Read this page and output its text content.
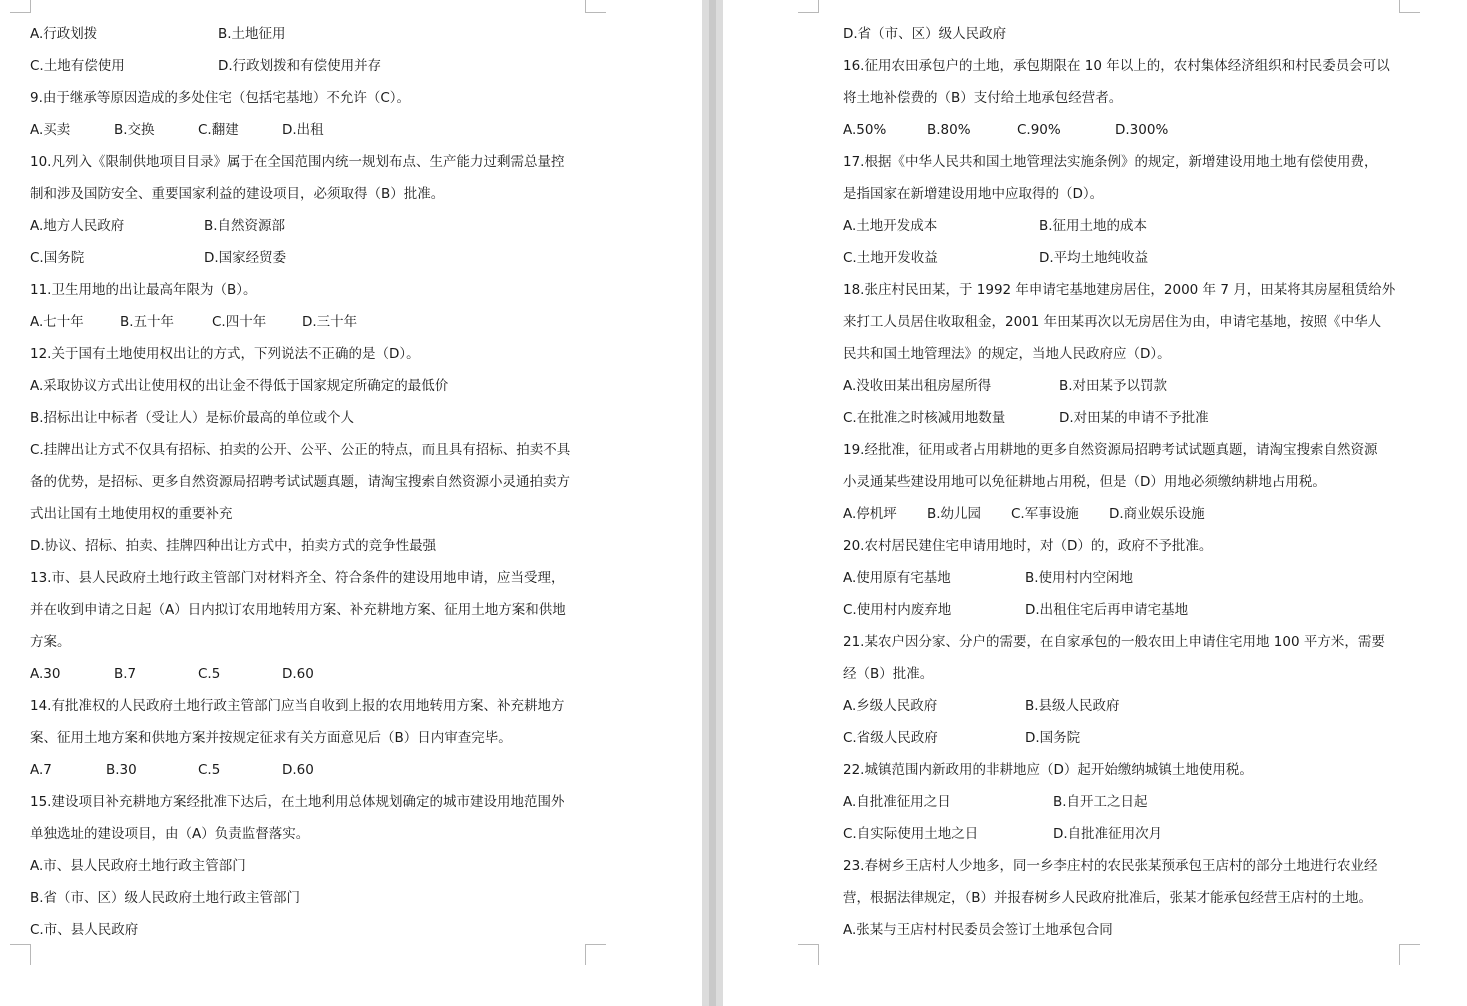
A.行政划拨	B.土地征用
C.土地有偿使用	D.行政划拨和有偿使用并存
9.由于继承等原因造成的多处住宅（包括宅基地）不允许（C）。
A.买卖	B.交换	C.翻建	D.出租
10.凡列入《限制供地项目目录》属于在全国范围内统一规划布点、生产能力过剩需总量控
制和涉及国防安全、重要国家利益的建设项目，必须取得（B）批准。
A.地方人民政府	B.自然资源部
C.国务院	D.国家经贸委
11.卫生用地的出让最高年限为（B）。
A.七十年	B.五十年	C.四十年	D.三十年
12.关于国有土地使用权出让的方式，下列说法不正确的是（D）。
A.采取协议方式出让使用权的出让金不得低于国家规定所确定的最低价
B.招标出让中标者（受让人）是标价最高的单位或个人
C.挂牌出让方式不仅具有招标、拍卖的公开、公平、公正的特点，而且具有招标、拍卖不具
备的优势，是招标、更多自然资源局招聘考试试题真题，请淘宝搜索自然资源小灵通拍卖方
式出让国有土地使用权的重要补充
D.协议、招标、拍卖、挂牌四种出让方式中，拍卖方式的竞争性最强
13.市、县人民政府土地行政主管部门对材料齐全、符合条件的建设用地申请，应当受理，
并在收到申请之日起（A）日内拟订农用地转用方案、补充耕地方案、征用土地方案和供地
方案。
A.30	B.7	C.5	D.60
14.有批准权的人民政府土地行政主管部门应当自收到上报的农用地转用方案、补充耕地方
案、征用土地方案和供地方案并按规定征求有关方面意见后（B）日内审查完毕。
A.7	B.30	C.5	D.60
15.建设项目补充耕地方案经批准下达后，在土地利用总体规划确定的城市建设用地范围外
单独选址的建设项目，由（A）负责监督落实。
A.市、县人民政府土地行政主管部门
B.省（市、区）级人民政府土地行政主管部门
C.市、县人民政府
D.省（市、区）级人民政府
16.征用农田承包户的土地，承包期限在 10 年以上的，农村集体经济组织和村民委员会可以
将土地补偿费的（B）支付给土地承包经营者。
A.50%	B.80%	C.90%	D.300%
17.根据《中华人民共和国土地管理法实施条例》的规定，新增建设用地土地有偿使用费，
是指国家在新增建设用地中应取得的（D）。
A.土地开发成本	B.征用土地的成本
C.土地开发收益	D.平均土地纯收益
18.张庄村民田某，于 1992 年申请宅基地建房居住，2000 年 7 月，田某将其房屋租赁给外
来打工人员居住收取租金，2001 年田某再次以无房居住为由，申请宅基地，按照《中华人
民共和国土地管理法》的规定，当地人民政府应（D）。
A.没收田某出租房屋所得	B.对田某予以罚款
C.在批准之时核减用地数量	D.对田某的申请不予批准
19.经批准，征用或者占用耕地的更多自然资源局招聘考试试题真题，请淘宝搜索自然资源
小灵通某些建设用地可以免征耕地占用税，但是（D）用地必须缴纳耕地占用税。
A.停机坪	B.幼儿园	C.军事设施	D.商业娱乐设施
20.农村居民建住宅申请用地时，对（D）的，政府不予批准。
A.使用原有宅基地	B.使用村内空闲地
C.使用村内废弃地	D.出租住宅后再申请宅基地
21.某农户因分家、分户的需要，在自家承包的一般农田上申请住宅用地 100 平方米，需要
经（B）批准。
A.乡级人民政府	B.县级人民政府
C.省级人民政府	D.国务院
22.城镇范围内新政用的非耕地应（D）起开始缴纳城镇土地使用税。
A.自批准征用之日	B.自开工之日起
C.自实际使用土地之日	D.自批准征用次月
23.春树乡王店村人少地多，同一乡李庄村的农民张某预承包王店村的部分土地进行农业经
营，根据法律规定，（B）并报春树乡人民政府批准后，张某才能承包经营王店村的土地。
A.张某与王店村村民委员会签订土地承包合同
